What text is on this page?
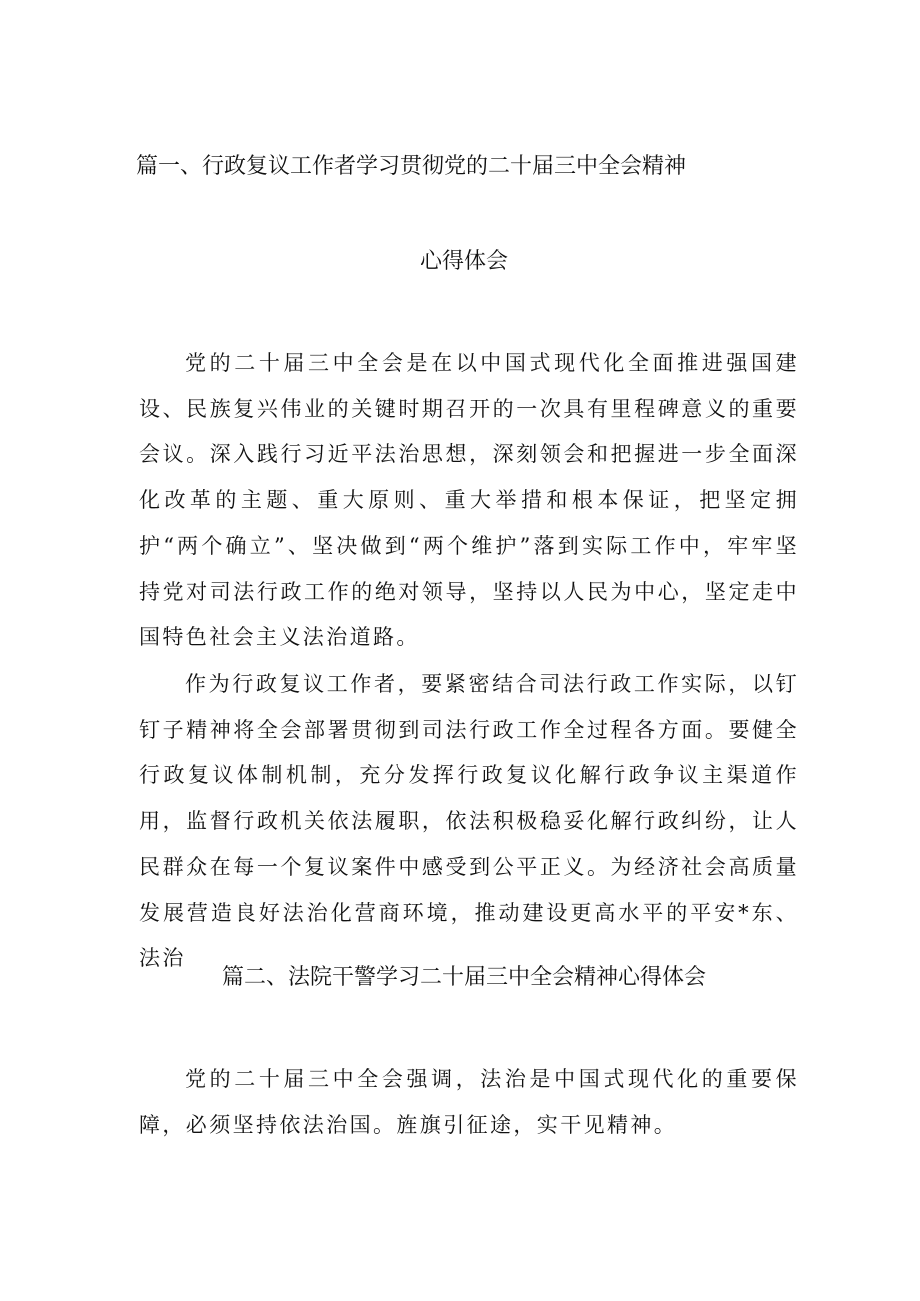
篇一、行政复议工作者学习贯彻党的二十届三中全会精神
心得体会

党的二十届三中全会是在以中国式现代化全面推进强国建设、民族复兴伟业的关键时期召开的一次具有里程碑意义的重要会议。深入践行习近平法治思想，深刻领会和把握进一步全面深化改革的主题、重大原则、重大举措和根本保证，把坚定拥护“两个确立”、坚决做到“两个维护”落到实际工作中，牢牢坚持党对司法行政工作的绝对领导，坚持以人民为中心，坚定走中国特色社会主义法治道路。

作为行政复议工作者，要紧密结合司法行政工作实际，以钉钉子精神将全会部署贯彻到司法行政工作全过程各方面。要健全行政复议体制机制，充分发挥行政复议化解行政争议主渠道作用，监督行政机关依法履职，依法积极稳妥化解行政纠纷，让人民群众在每一个复议案件中感受到公平正义。为经济社会高质量发展营造良好法治化营商环境，推动建设更高水平的平安*东、法治

篇二、法院干警学习二十届三中全会精神心得体会

党的二十届三中全会强调，法治是中国式现代化的重要保障，必须坚持依法治国。旌旗引征途，实干见精神。
